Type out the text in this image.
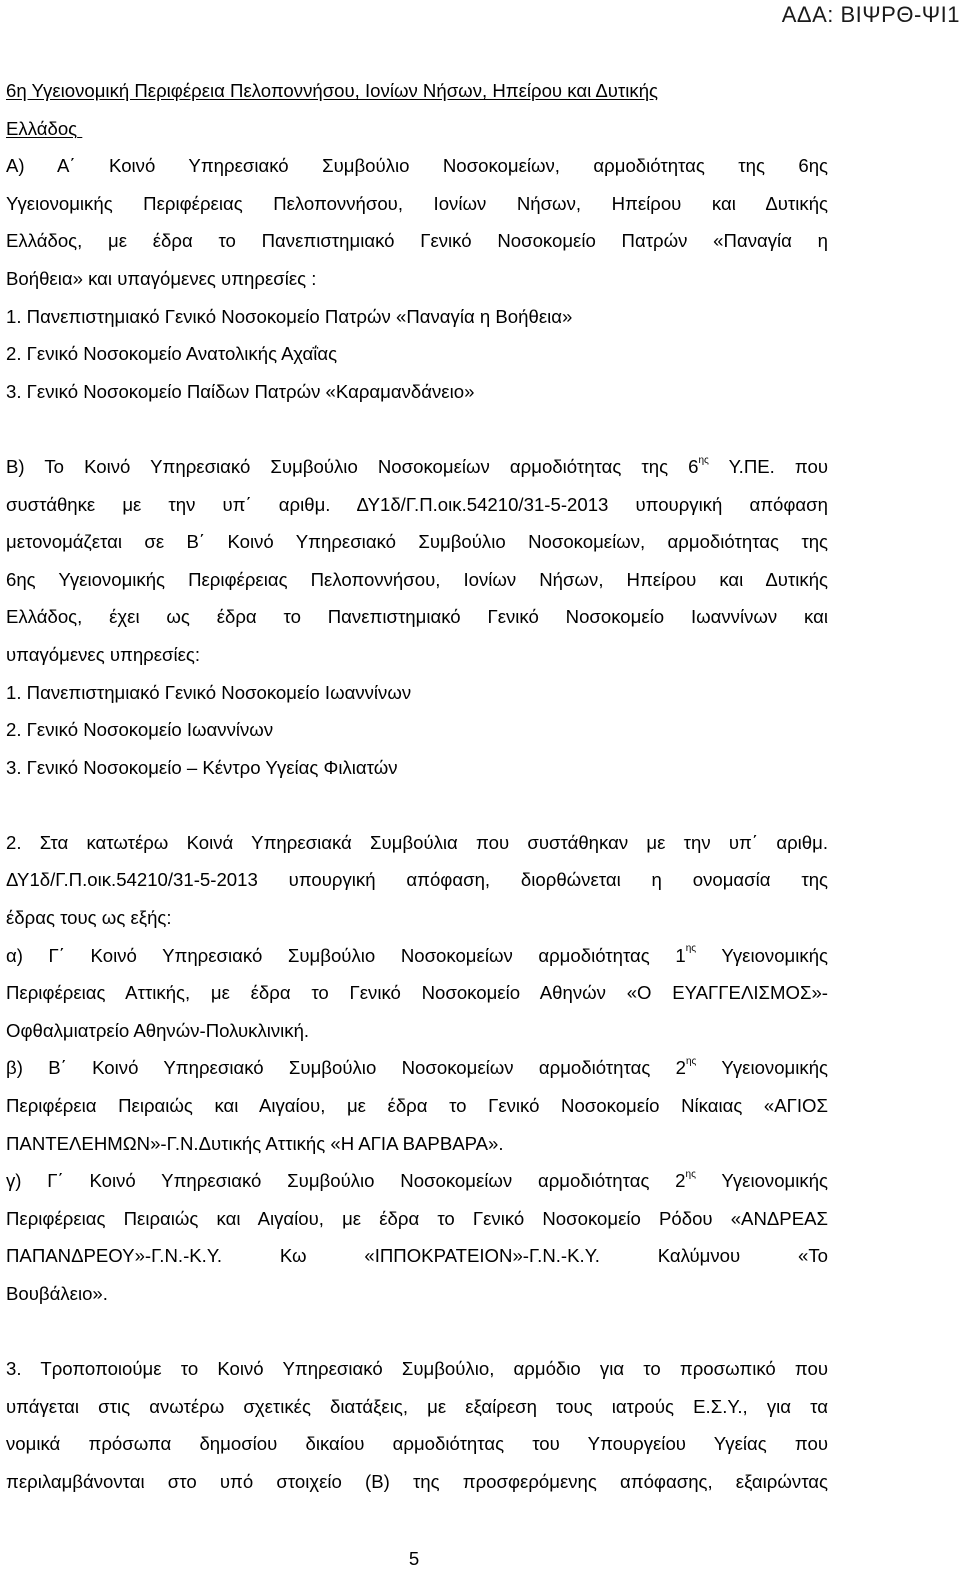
ΑΔΑ: ΒΙΨΡΘ-ΨΙ1
6η Υγειονομική Περιφέρεια Πελοποννήσου, Ιονίων Νήσων, Ηπείρου και Δυτικής
Ελλάδος
Α) Α΄ Κοινό Υπηρεσιακό Συμβούλιο Νοσοκομείων, αρμοδιότητας της 6ης
Υγειονομικής Περιφέρειας Πελοποννήσου, Ιονίων Νήσων, Ηπείρου και Δυτικής
Ελλάδος, με έδρα το Πανεπιστημιακό Γενικό Νοσοκομείο Πατρών «Παναγία η
Βοήθεια» και υπαγόμενες υπηρεσίες :
1. Πανεπιστημιακό Γενικό Νοσοκομείο Πατρών «Παναγία η Βοήθεια»
2. Γενικό Νοσοκομείο Ανατολικής Αχαΐας
3. Γενικό Νοσοκομείο Παίδων Πατρών «Καραμανδάνειο»
Β) Το Κοινό Υπηρεσιακό Συμβούλιο Νοσοκομείων αρμοδιότητας της $6^{\eta\varsigma}$ Υ.ΠΕ. που
συστάθηκε με την υπ΄ αριθμ. ΔΥ1δ/Γ.Π.οικ.54210/31-5-2013 υπουργική απόφαση
μετονομάζεται σε Β΄ Κοινό Υπηρεσιακό Συμβούλιο Νοσοκομείων, αρμοδιότητας της
6ης Υγειονομικής Περιφέρειας Πελοποννήσου, Ιονίων Νήσων, Ηπείρου και Δυτικής
Ελλάδος, έχει ως έδρα το Πανεπιστημιακό Γενικό Νοσοκομείο Ιωαννίνων και
υπαγόμενες υπηρεσίες:
1. Πανεπιστημιακό Γενικό Νοσοκομείο Ιωαννίνων
2. Γενικό Νοσοκομείο Ιωαννίνων
3. Γενικό Νοσοκομείο – Κέντρο Υγείας Φιλιατών
2. Στα κατωτέρω Κοινά Υπηρεσιακά Συμβούλια που συστάθηκαν με την υπ΄ αριθμ.
ΔΥ1δ/Γ.Π.οικ.54210/31-5-2013 υπουργική απόφαση, διορθώνεται η ονομασία της
έδρας τους ως εξής:
α) Γ΄ Κοινό Υπηρεσιακό Συμβούλιο Νοσοκομείων αρμοδιότητας $1^{\eta\varsigma}$ Υγειονομικής
Περιφέρειας Αττικής, με έδρα το Γενικό Νοσοκομείο Αθηνών «Ο ΕΥΑΓΓΕΛΙΣΜΟΣ»-
Οφθαλμιατρείο Αθηνών-Πολυκλινική.
β) Β΄ Κοινό Υπηρεσιακό Συμβούλιο Νοσοκομείων αρμοδιότητας $2^{\eta\varsigma}$ Υγειονομικής
Περιφέρεια Πειραιώς και Αιγαίου, με έδρα το Γενικό Νοσοκομείο Νίκαιας «ΑΓΙΟΣ
ΠΑΝΤΕΛΕΗΜΩΝ»-Γ.Ν.Δυτικής Αττικής «Η ΑΓΙΑ ΒΑΡΒΑΡΑ».
γ) Γ΄ Κοινό Υπηρεσιακό Συμβούλιο Νοσοκομείων αρμοδιότητας $2^{\eta\varsigma}$ Υγειονομικής
Περιφέρειας Πειραιώς και Αιγαίου, με έδρα το Γενικό Νοσοκομείο Ρόδου «ΑΝΔΡΕΑΣ
ΠΑΠΑΝΔΡΕΟΥ»-Γ.Ν.-Κ.Υ. Κω «ΙΠΠΟΚΡΑΤΕΙΟΝ»-Γ.Ν.-Κ.Υ. Καλύμνου «Το
Βουβάλειο».
3. Τροποποιούμε το Κοινό Υπηρεσιακό Συμβούλιο, αρμόδιο για το προσωπικό που
υπάγεται στις ανωτέρω σχετικές διατάξεις, με εξαίρεση τους ιατρούς Ε.Σ.Υ., για τα
νομικά πρόσωπα δημοσίου δικαίου αρμοδιότητας του Υπουργείου Υγείας που
περιλαμβάνονται στο υπό στοιχείο (Β) της προσφερόμενης απόφασης, εξαιρώντας
5
